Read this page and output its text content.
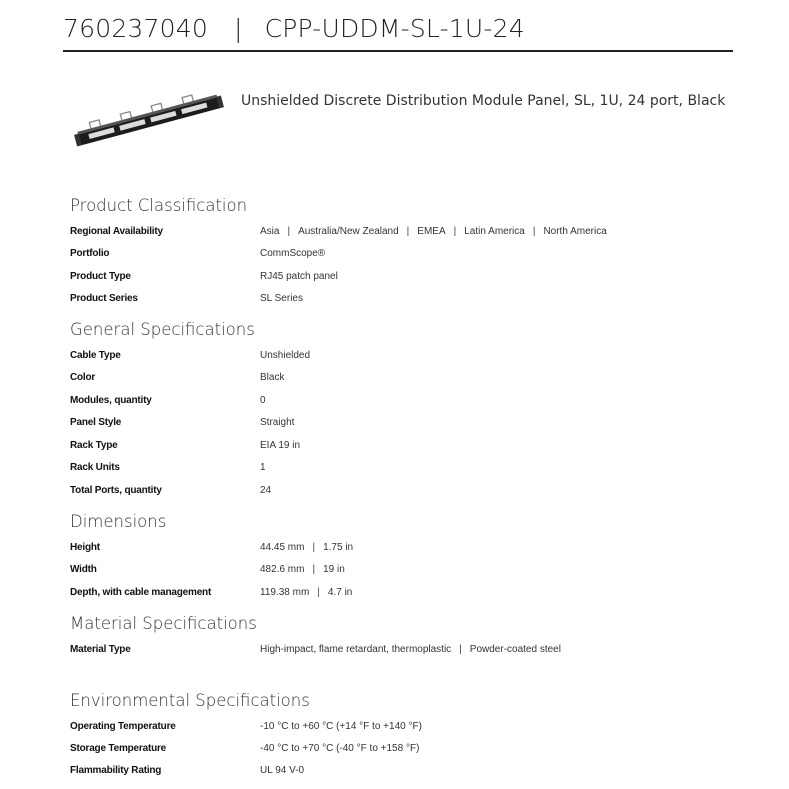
760237040 | CPP-UDDM-SL-1U-24
Unshielded Discrete Distribution Module Panel, SL, 1U, 24 port, Black
Product Classification
Regional Availability	Asia | Australia/New Zealand | EMEA | Latin America | North America
Portfolio	CommScope®
Product Type	RJ45 patch panel
Product Series	SL Series
General Specifications
Cable Type	Unshielded
Color	Black
Modules, quantity	0
Panel Style	Straight
Rack Type	EIA 19 in
Rack Units	1
Total Ports, quantity	24
Dimensions
Height	44.45 mm | 1.75 in
Width	482.6 mm | 19 in
Depth, with cable management	119.38 mm | 4.7 in
Material Specifications
Material Type	High-impact, flame retardant, thermoplastic | Powder-coated steel
Environmental Specifications
Operating Temperature	-10 °C to +60 °C (+14 °F to +140 °F)
Storage Temperature	-40 °C to +70 °C (-40 °F to +158 °F)
Flammability Rating	UL 94 V-0
